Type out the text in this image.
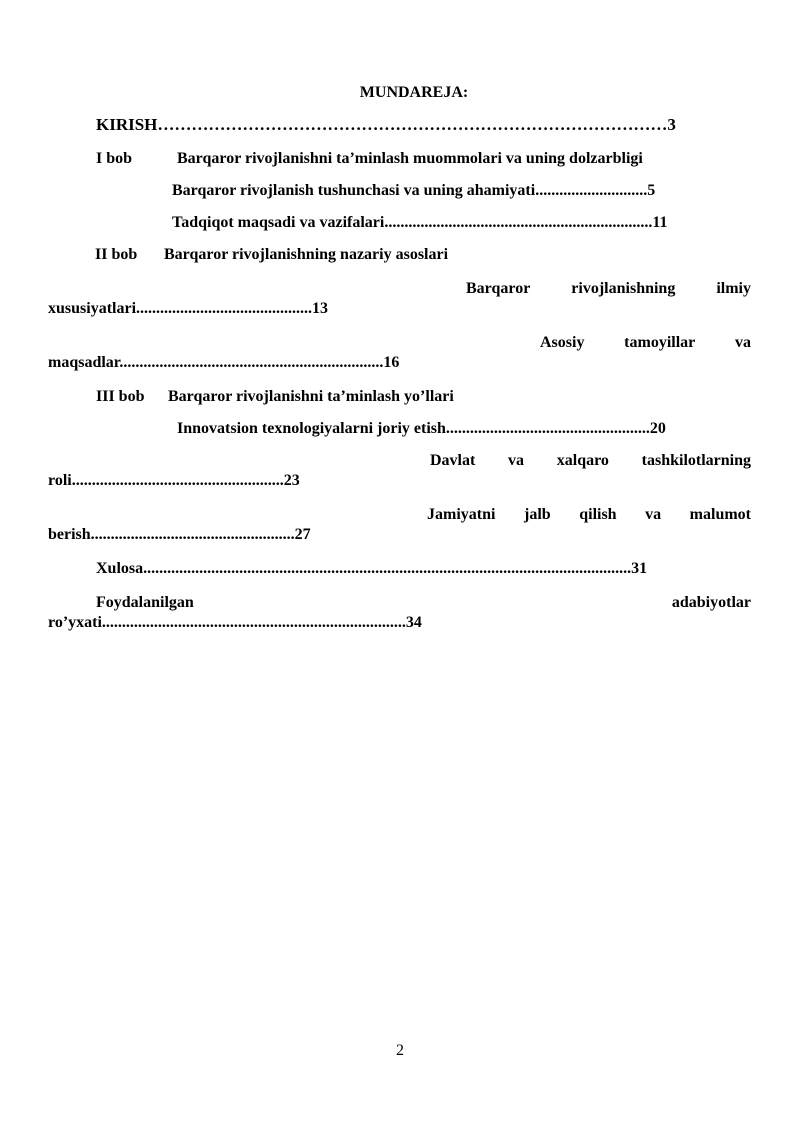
MUNDAREJA:
KIRISH………………………………………………………………………………3
I bob	Barqaror rivojlanishni ta’minlash muommolari va uning dolzarbligi
Barqaror rivojlanish tushunchasi va uning ahamiyati............................5
Tadqiqot maqsadi va vazifalari...................................................................11
II bob Barqaror rivojlanishning nazariy asoslari
Barqaror	rivojlanishning	ilmiy
xususiyatlari............................................13
Asosiy tamoyillar va
maqsadlar..................................................................16
III bob Barqaror rivojlanishni ta’minlash yo’llari
Innovatsion texnologiyalarni joriy etish...................................................20
Davlat va xalqaro tashkilotlarning
roli.....................................................23
Jamiyatni jalb qilish va malumot
berish...................................................27
Xulosa..........................................................................................................................31
Foydalanilgan	adabiyotlar
ro’yxati............................................................................34
2
